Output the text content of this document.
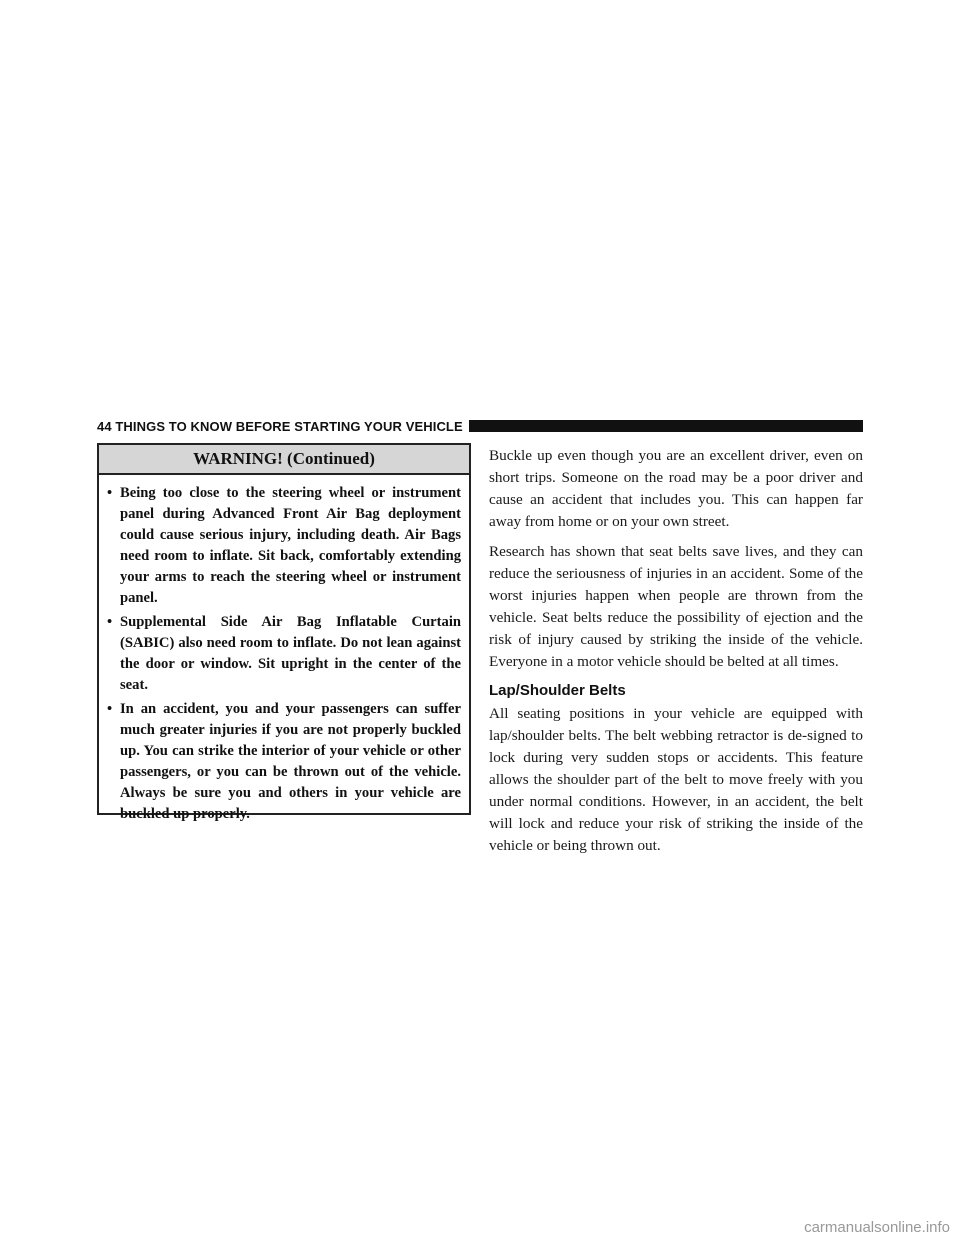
44 THINGS TO KNOW BEFORE STARTING YOUR VEHICLE
WARNING! (Continued)
• Being too close to the steering wheel or instrument panel during Advanced Front Air Bag deployment could cause serious injury, including death. Air Bags need room to inflate. Sit back, comfortably extending your arms to reach the steering wheel or instrument panel.
• Supplemental Side Air Bag Inflatable Curtain (SABIC) also need room to inflate. Do not lean against the door or window. Sit upright in the center of the seat.
• In an accident, you and your passengers can suffer much greater injuries if you are not properly buckled up. You can strike the interior of your vehicle or other passengers, or you can be thrown out of the vehicle. Always be sure you and others in your vehicle are buckled up properly.

Buckle up even though you are an excellent driver, even on short trips. Someone on the road may be a poor driver and cause an accident that includes you. This can happen far away from home or on your own street.

Research has shown that seat belts save lives, and they can reduce the seriousness of injuries in an accident. Some of the worst injuries happen when people are thrown from the vehicle. Seat belts reduce the possibility of ejection and the risk of injury caused by striking the inside of the vehicle. Everyone in a motor vehicle should be belted at all times.

Lap/Shoulder Belts

All seating positions in your vehicle are equipped with lap/shoulder belts. The belt webbing retractor is de-signed to lock during very sudden stops or accidents. This feature allows the shoulder part of the belt to move freely with you under normal conditions. However, in an accident, the belt will lock and reduce your risk of striking the inside of the vehicle or being thrown out.

carmanualsonline.info
